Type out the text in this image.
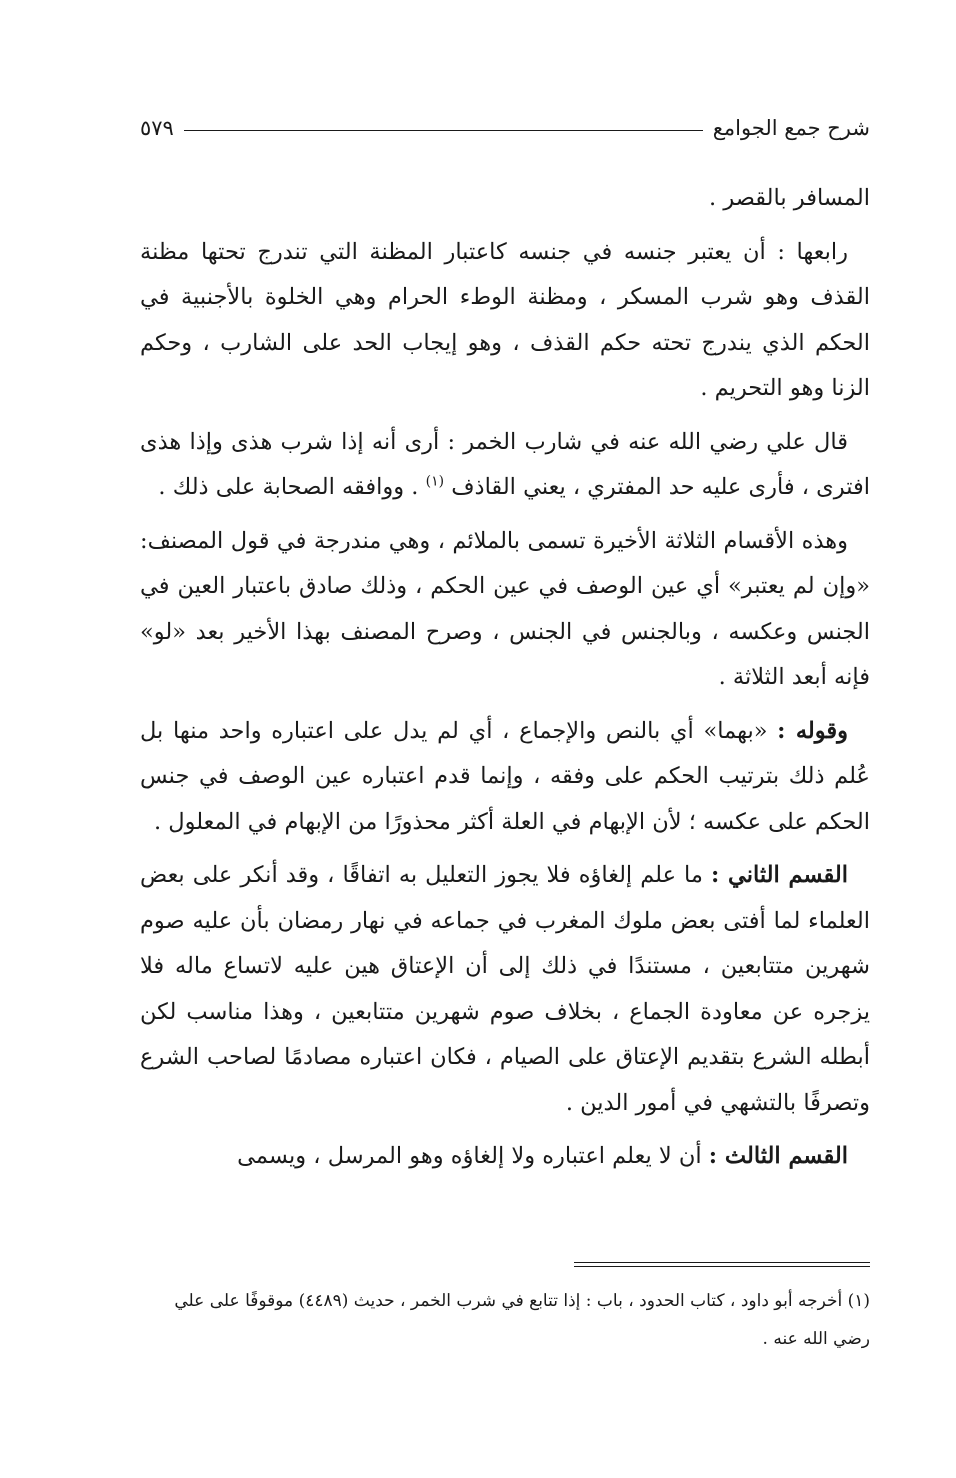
شرح جمع الجوامع
٥٧٩

المسافر بالقصر .

رابعها : أن يعتبر جنسه في جنسه كاعتبار المظنة التي تندرج تحتها مظنة القذف وهو شرب المسكر ، ومظنة الوطء الحرام وهي الخلوة بالأجنبية في الحكم الذي يندرج تحته حكم القذف ، وهو إيجاب الحد على الشارب ، وحكم الزنا وهو التحريم .

قال علي رضي الله عنه في شارب الخمر : أرى أنه إذا شرب هذى وإذا هذى افترى ، فأرى عليه حد المفتري ، يعني القاذف $^{(١)}$ . ووافقه الصحابة على ذلك .

وهذه الأقسام الثلاثة الأخيرة تسمى بالملائم ، وهي مندرجة في قول المصنف: «وإن لم يعتبر» أي عين الوصف في عين الحكم ، وذلك صادق باعتبار العين في الجنس وعكسه ، وبالجنس في الجنس ، وصرح المصنف بهذا الأخير بعد «لو» فإنه أبعد الثلاثة .

وقوله : «بهما» أي بالنص والإجماع ، أي لم يدل على اعتباره واحد منها بل عُلم ذلك بترتيب الحكم على وفقه ، وإنما قدم اعتباره عين الوصف في جنس الحكم على عكسه ؛ لأن الإبهام في العلة أكثر محذورًا من الإبهام في المعلول .

القسم الثاني : ما علم إلغاؤه فلا يجوز التعليل به اتفاقًا ، وقد أنكر على بعض العلماء لما أفتى بعض ملوك المغرب في جماعه في نهار رمضان بأن عليه صوم شهرين متتابعين ، مستندًا في ذلك إلى أن الإعتاق هين عليه لاتساع ماله فلا يزجره عن معاودة الجماع ، بخلاف صوم شهرين متتابعين ، وهذا مناسب لكن أبطله الشرع بتقديم الإعتاق على الصيام ، فكان اعتباره مصادمًا لصاحب الشرع وتصرفًا بالتشهي في أمور الدين .

القسم الثالث : أن لا يعلم اعتباره ولا إلغاؤه وهو المرسل ، ويسمى

(١) أخرجه أبو داود ، كتاب الحدود ، باب : إذا تتابع في شرب الخمر ، حديث (٤٤٨٩) موقوفًا على علي رضي الله عنه .
